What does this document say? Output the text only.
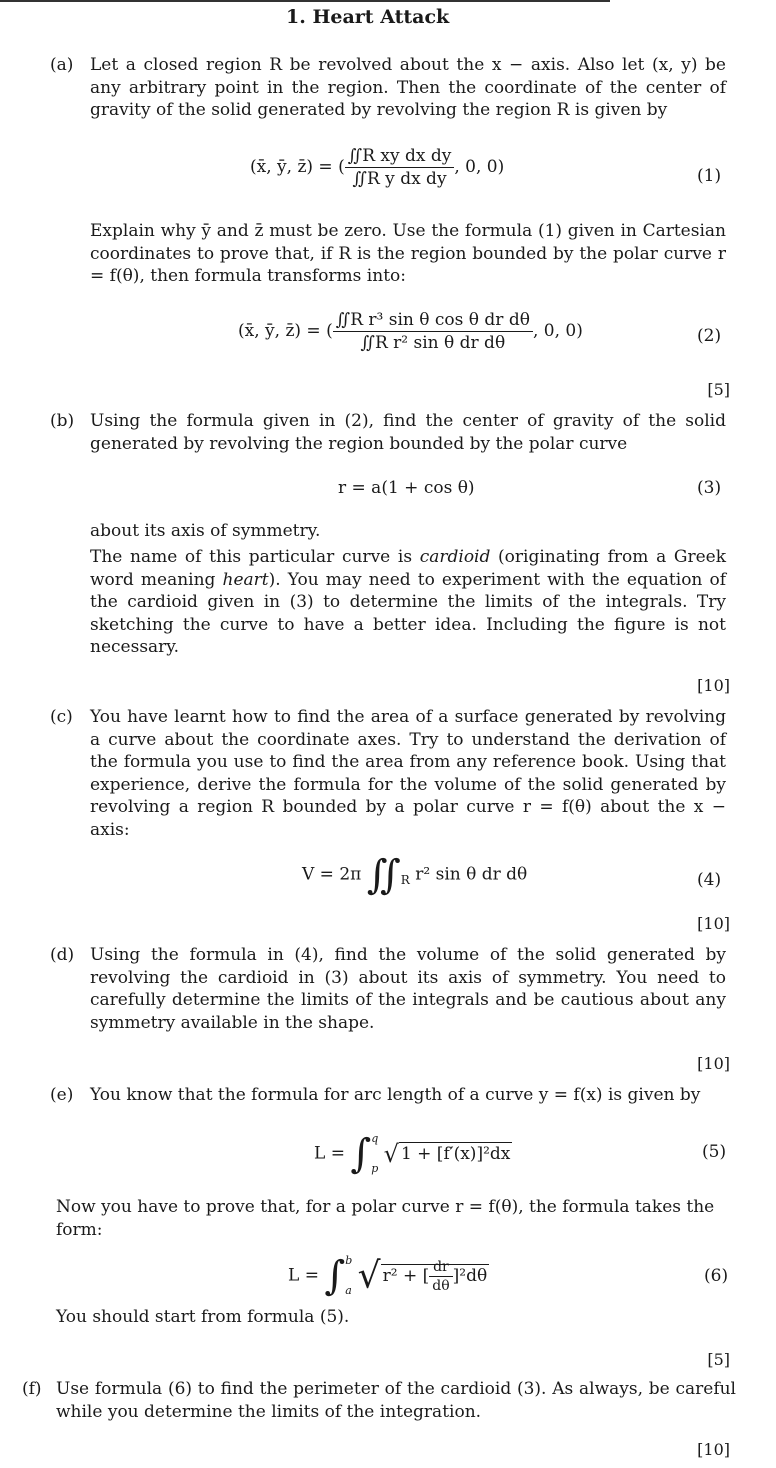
1. Heart Attack
(a) Let a closed region R be revolved about the x − axis. Also let (x, y) be any arbitrary point in the region. Then the coordinate of the center of gravity of the solid generated by revolving the region R is given by
(x̄, ȳ, z̄) = ( $\frac{\text{∬R xy dx dy}}{\text{∬R y dx dy}}$ , 0, 0)	(1)
Explain why ȳ and z̄ must be zero. Use the formula (1) given in Cartesian coordinates to prove that, if R is the region bounded by the polar curve r = f(θ), then formula transforms into:
(x̄, ȳ, z̄) = ( $\frac{\text{∬R r³ sin θ cos θ dr dθ}}{\text{∬R r² sin θ dr dθ}}$ , 0, 0)	(2)
[5]
(b) Using the formula given in (2), find the center of gravity of the solid generated by revolving the region bounded by the polar curve
r = a(1 + cos θ)	(3)
about its axis of symmetry.
The name of this particular curve is cardioid (originating from a Greek word meaning heart). You may need to experiment with the equation of the cardioid given in (3) to determine the limits of the integrals. Try sketching the curve to have a better idea. Including the figure is not necessary.
[10]
(c) You have learnt how to find the area of a surface generated by revolving a curve about the coordinate axes. Try to understand the derivation of the formula you use to find the area from any reference book. Using that experience, derive the formula for the volume of the solid generated by revolving a region R bounded by a polar curve r = f(θ) about the x − axis:
V = 2π $∬_R$ r² sin θ dr dθ	(4)
[10]
(d) Using the formula in (4), find the volume of the solid generated by revolving the cardioid in (3) about its axis of symmetry. You need to carefully determine the limits of the integrals and be cautious about any symmetry available in the shape.
[10]
(e) You know that the formula for arc length of a curve y = f(x) is given by
L = ∫ q
p
√ 1 + [f′(x)]²dx	(5)
Now you have to prove that, for a polar curve r = f(θ), the formula takes the form:
L = ∫ b
a √ r² + [ $\frac{dr}{d\theta} ]^2d\theta$	(6)
You should start from formula (5).
[5]
(f) Use formula (6) to find the perimeter of the cardioid (3). As always, be careful while you determine the limits of the integration.
[10]
